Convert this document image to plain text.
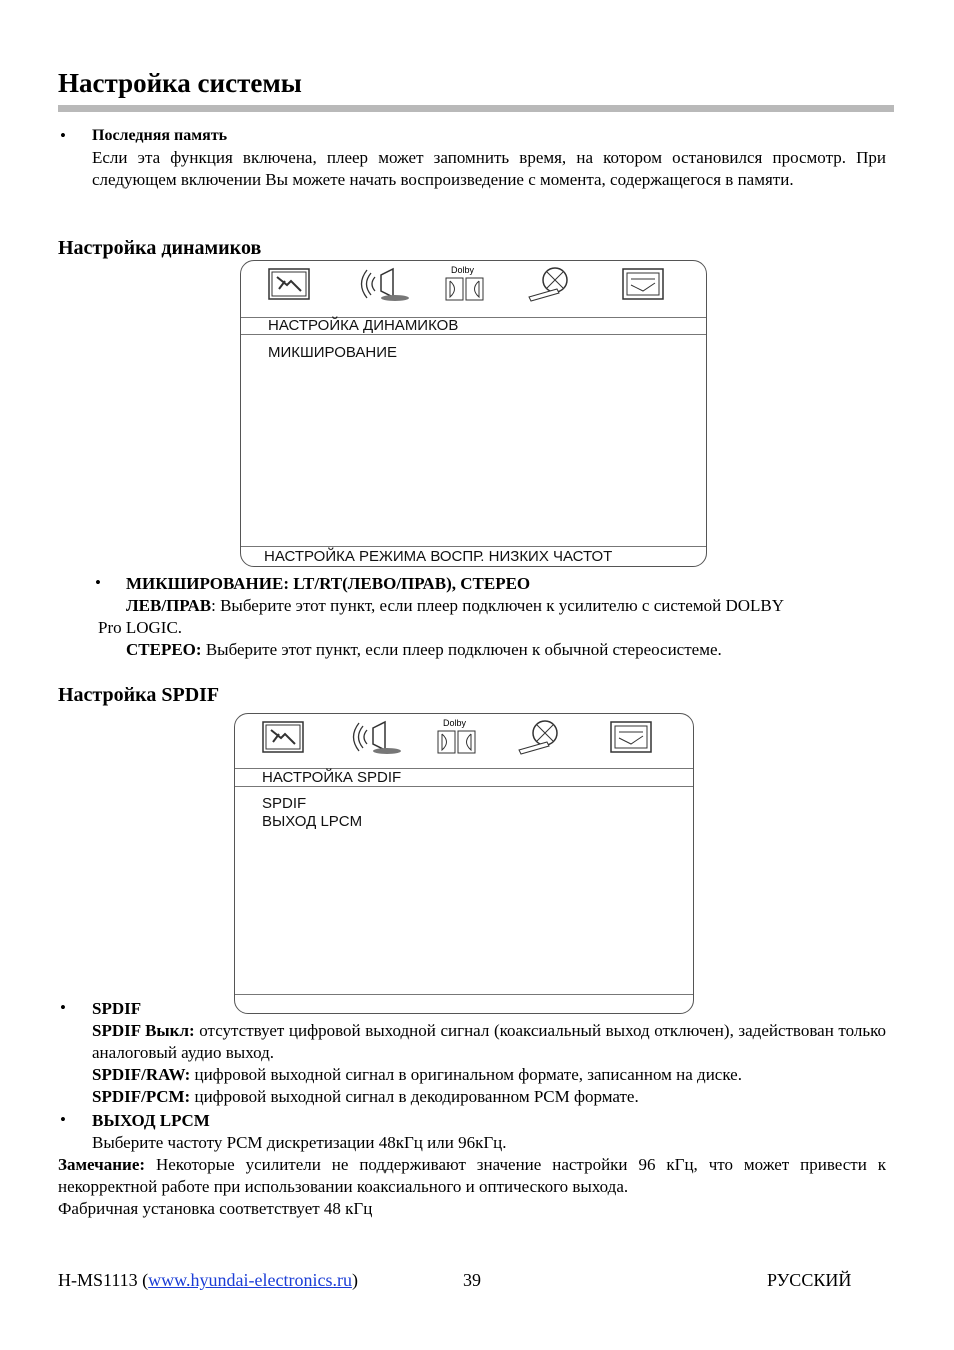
Настройка системы
• Последняя память
Если эта функция включена, плеер может запомнить время, на котором остановился просмотр. При следующем включении Вы можете начать воспроизведение с момента, содержащегося в памяти.
Настройка динамиков
Dolby
НАСТРОЙКА ДИНАМИКОВ
МИКШИРОВАНИЕ
НАСТРОЙКА РЕЖИМА ВОСПР. НИЗКИХ ЧАСТОТ
• МИКШИРОВАНИЕ: LT/RT(ЛЕВО/ПРАВ), СТЕРЕО
ЛЕВ/ПРАВ: Выберите этот пункт, если плеер подключен к усилителю с системой DOLBY
Pro LOGIC.
СТЕРЕО: Выберите этот пункт, если плеер подключен к обычной стереосистеме.
Настройка SPDIF
Dolby
НАСТРОЙКА SPDIF
SPDIF
ВЫХОД LPCM
• SPDIF
SPDIF Выкл: отсутствует цифровой выходной сигнал (коаксиальный выход отключен), задействован только аналоговый аудио выход.
SPDIF/RAW: цифровой выходной сигнал в оригинальном формате, записанном на диске.
SPDIF/PCM: цифровой выходной сигнал в декодированном PCM формате.
• ВЫХОД LPCM
Выберите частоту PCM дискретизации 48кГц или 96кГц.
Замечание: Некоторые усилители не поддерживают значение настройки 96 кГц, что может привести к некорректной работе при использовании коаксиального и оптического выхода.
Фабричная установка соответствует 48 кГц
H-MS1113 (www.hyundai-electronics.ru)	39	РУССКИЙ
